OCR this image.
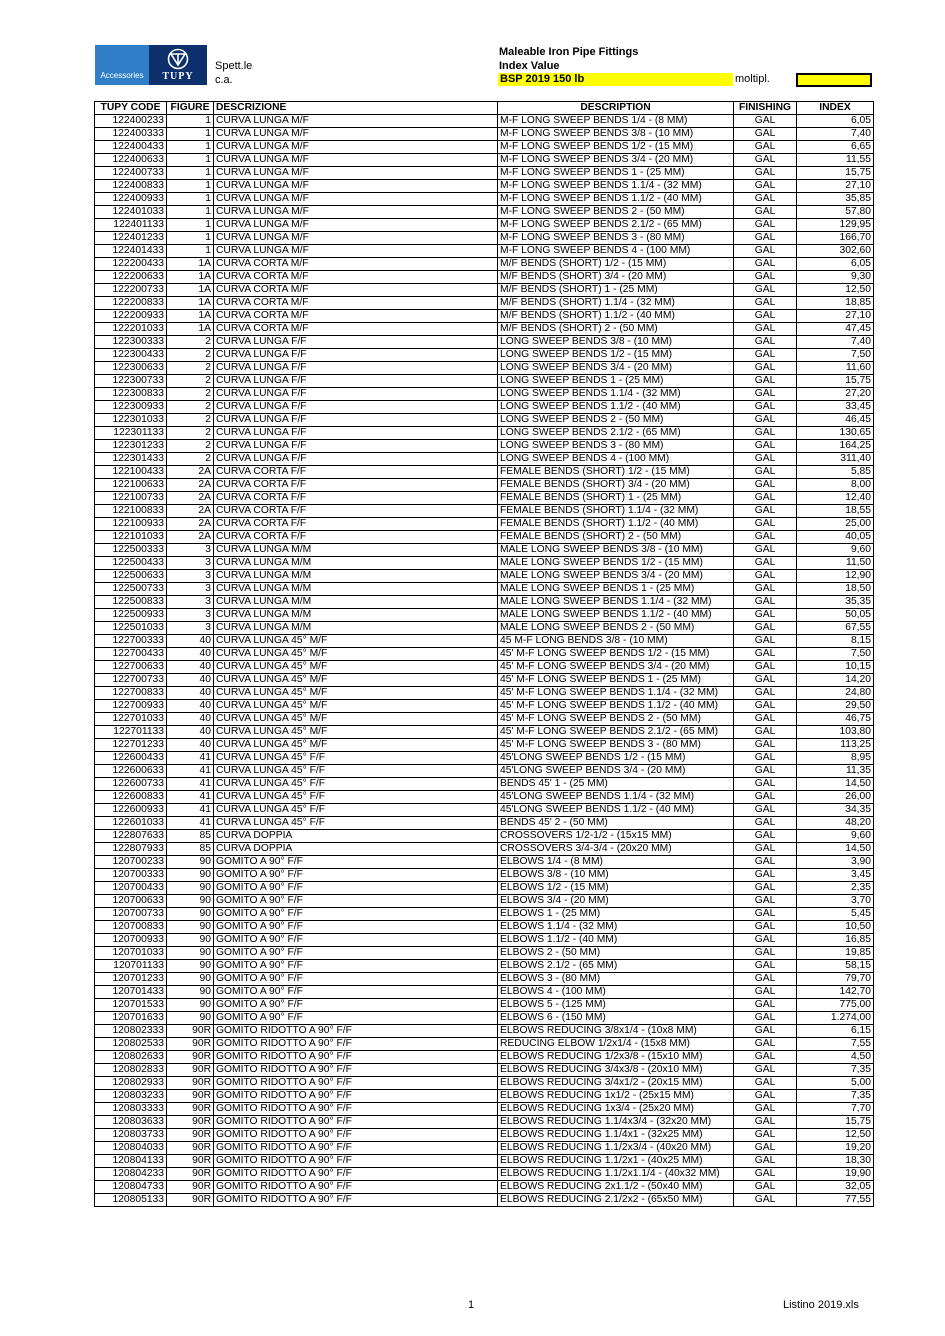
Accessories TUPY
Spett.le
c.a.
Maleable Iron Pipe Fittings
Index Value
BSP 2019 150 lb	moltipl.
TUPY CODE	FIGURE	DESCRIZIONE	DESCRIPTION	FINISHING	INDEX
122400233	1	CURVA LUNGA M/F	M-F LONG SWEEP BENDS 1/4 - (8 MM)	GAL	6,05
122400333	1	CURVA LUNGA M/F	M-F LONG SWEEP BENDS 3/8 - (10 MM)	GAL	7,40
122400433	1	CURVA LUNGA M/F	M-F LONG SWEEP BENDS 1/2 - (15 MM)	GAL	6,65
122400633	1	CURVA LUNGA M/F	M-F LONG SWEEP BENDS 3/4 - (20 MM)	GAL	11,55
122400733	1	CURVA LUNGA M/F	M-F LONG SWEEP BENDS 1 - (25 MM)	GAL	15,75
122400833	1	CURVA LUNGA M/F	M-F LONG SWEEP BENDS 1.1/4 - (32 MM)	GAL	27,10
122400933	1	CURVA LUNGA M/F	M-F LONG SWEEP BENDS 1.1/2 - (40 MM)	GAL	35,85
122401033	1	CURVA LUNGA M/F	M-F LONG SWEEP BENDS 2 - (50 MM)	GAL	57,80
122401133	1	CURVA LUNGA M/F	M-F LONG SWEEP BENDS 2.1/2 - (65 MM)	GAL	129,95
122401233	1	CURVA LUNGA M/F	M-F LONG SWEEP BENDS 3 - (80 MM)	GAL	166,70
122401433	1	CURVA LUNGA M/F	M-F LONG SWEEP BENDS 4 - (100 MM)	GAL	302,60
122200433	1A	CURVA CORTA M/F	M/F BENDS (SHORT) 1/2 - (15 MM)	GAL	6,05
122200633	1A	CURVA CORTA M/F	M/F BENDS (SHORT) 3/4 - (20 MM)	GAL	9,30
122200733	1A	CURVA CORTA M/F	M/F BENDS (SHORT) 1 - (25 MM)	GAL	12,50
122200833	1A	CURVA CORTA M/F	M/F BENDS (SHORT) 1.1/4 - (32 MM)	GAL	18,85
122200933	1A	CURVA CORTA M/F	M/F BENDS (SHORT) 1.1/2 - (40 MM)	GAL	27,10
122201033	1A	CURVA CORTA M/F	M/F BENDS (SHORT) 2 - (50 MM)	GAL	47,45
122300333	2	CURVA LUNGA F/F	LONG SWEEP BENDS 3/8 - (10 MM)	GAL	7,40
122300433	2	CURVA LUNGA F/F	LONG SWEEP BENDS 1/2 - (15 MM)	GAL	7,50
122300633	2	CURVA LUNGA F/F	LONG SWEEP BENDS 3/4 - (20 MM)	GAL	11,60
122300733	2	CURVA LUNGA F/F	LONG SWEEP BENDS 1 - (25 MM)	GAL	15,75
122300833	2	CURVA LUNGA F/F	LONG SWEEP BENDS 1.1/4 - (32 MM)	GAL	27,20
122300933	2	CURVA LUNGA F/F	LONG SWEEP BENDS 1.1/2 - (40 MM)	GAL	33,45
122301033	2	CURVA LUNGA F/F	LONG SWEEP BENDS 2 - (50 MM)	GAL	46,45
122301133	2	CURVA LUNGA F/F	LONG SWEEP BENDS 2.1/2 - (65 MM)	GAL	130,65
122301233	2	CURVA LUNGA F/F	LONG SWEEP BENDS 3 - (80 MM)	GAL	164,25
122301433	2	CURVA LUNGA F/F	LONG SWEEP BENDS 4 - (100 MM)	GAL	311,40
122100433	2A	CURVA CORTA F/F	FEMALE BENDS (SHORT) 1/2 - (15 MM)	GAL	5,85
122100633	2A	CURVA CORTA F/F	FEMALE BENDS (SHORT) 3/4 - (20 MM)	GAL	8,00
122100733	2A	CURVA CORTA F/F	FEMALE BENDS (SHORT) 1 - (25 MM)	GAL	12,40
122100833	2A	CURVA CORTA F/F	FEMALE BENDS (SHORT) 1.1/4 - (32 MM)	GAL	18,55
122100933	2A	CURVA CORTA F/F	FEMALE BENDS (SHORT) 1.1/2 - (40 MM)	GAL	25,00
122101033	2A	CURVA CORTA F/F	FEMALE BENDS (SHORT) 2 - (50 MM)	GAL	40,05
122500333	3	CURVA LUNGA M/M	MALE LONG SWEEP BENDS 3/8 - (10 MM)	GAL	9,60
122500433	3	CURVA LUNGA M/M	MALE LONG SWEEP BENDS 1/2 - (15 MM)	GAL	11,50
122500633	3	CURVA LUNGA M/M	MALE LONG SWEEP BENDS 3/4 - (20 MM)	GAL	12,90
122500733	3	CURVA LUNGA M/M	MALE LONG SWEEP BENDS 1 - (25 MM)	GAL	18,50
122500833	3	CURVA LUNGA M/M	MALE LONG SWEEP BENDS 1.1/4 - (32 MM)	GAL	35,35
122500933	3	CURVA LUNGA M/M	MALE LONG SWEEP BENDS 1.1/2 - (40 MM)	GAL	50,05
122501033	3	CURVA LUNGA M/M	MALE LONG SWEEP BENDS 2 - (50 MM)	GAL	67,55
122700333	40	CURVA LUNGA 45° M/F	45 M-F LONG BENDS 3/8 - (10 MM)	GAL	8,15
122700433	40	CURVA LUNGA 45° M/F	45' M-F LONG SWEEP BENDS 1/2 - (15 MM)	GAL	7,50
122700633	40	CURVA LUNGA 45° M/F	45' M-F LONG SWEEP BENDS 3/4 - (20 MM)	GAL	10,15
122700733	40	CURVA LUNGA 45° M/F	45' M-F LONG SWEEP BENDS 1 - (25 MM)	GAL	14,20
122700833	40	CURVA LUNGA 45° M/F	45' M-F LONG SWEEP BENDS 1.1/4 - (32 MM)	GAL	24,80
122700933	40	CURVA LUNGA 45° M/F	45' M-F LONG SWEEP BENDS 1.1/2 - (40 MM)	GAL	29,50
122701033	40	CURVA LUNGA 45° M/F	45' M-F LONG SWEEP BENDS 2 - (50 MM)	GAL	46,75
122701133	40	CURVA LUNGA 45° M/F	45' M-F LONG SWEEP BENDS 2.1/2 - (65 MM)	GAL	103,80
122701233	40	CURVA LUNGA 45° M/F	45' M-F LONG SWEEP BENDS 3 - (80 MM)	GAL	113,25
122600433	41	CURVA LUNGA 45° F/F	45'LONG SWEEP BENDS 1/2 - (15 MM)	GAL	8,95
122600633	41	CURVA LUNGA 45° F/F	45'LONG SWEEP BENDS 3/4 - (20 MM)	GAL	11,35
122600733	41	CURVA LUNGA 45° F/F	BENDS 45' 1 - (25 MM)	GAL	14,50
122600833	41	CURVA LUNGA 45° F/F	45'LONG SWEEP BENDS 1.1/4 - (32 MM)	GAL	26,00
122600933	41	CURVA LUNGA 45° F/F	45'LONG SWEEP BENDS 1.1/2 - (40 MM)	GAL	34,35
122601033	41	CURVA LUNGA 45° F/F	BENDS 45' 2 - (50 MM)	GAL	48,20
122807633	85	CURVA DOPPIA	CROSSOVERS 1/2-1/2 - (15x15 MM)	GAL	9,60
122807933	85	CURVA DOPPIA	CROSSOVERS 3/4-3/4 - (20x20 MM)	GAL	14,50
120700233	90	GOMITO A 90° F/F	ELBOWS 1/4 - (8 MM)	GAL	3,90
120700333	90	GOMITO A 90° F/F	ELBOWS 3/8 - (10 MM)	GAL	3,45
120700433	90	GOMITO A 90° F/F	ELBOWS 1/2 - (15 MM)	GAL	2,35
120700633	90	GOMITO A 90° F/F	ELBOWS 3/4 - (20 MM)	GAL	3,70
120700733	90	GOMITO A 90° F/F	ELBOWS 1 - (25 MM)	GAL	5,45
120700833	90	GOMITO A 90° F/F	ELBOWS 1.1/4 - (32 MM)	GAL	10,50
120700933	90	GOMITO A 90° F/F	ELBOWS 1.1/2 - (40 MM)	GAL	16,85
120701033	90	GOMITO A 90° F/F	ELBOWS 2 - (50 MM)	GAL	19,85
120701133	90	GOMITO A 90° F/F	ELBOWS 2.1/2 - (65 MM)	GAL	58,15
120701233	90	GOMITO A 90° F/F	ELBOWS 3 - (80 MM)	GAL	79,70
120701433	90	GOMITO A 90° F/F	ELBOWS 4 - (100 MM)	GAL	142,70
120701533	90	GOMITO A 90° F/F	ELBOWS 5 - (125 MM)	GAL	775,00
120701633	90	GOMITO A 90° F/F	ELBOWS 6 - (150 MM)	GAL	1.274,00
120802333	90R	GOMITO RIDOTTO A 90° F/F	ELBOWS REDUCING 3/8x1/4 - (10x8 MM)	GAL	6,15
120802533	90R	GOMITO RIDOTTO A 90° F/F	REDUCING ELBOW 1/2x1/4 - (15x8 MM)	GAL	7,55
120802633	90R	GOMITO RIDOTTO A 90° F/F	ELBOWS REDUCING 1/2x3/8 - (15x10 MM)	GAL	4,50
120802833	90R	GOMITO RIDOTTO A 90° F/F	ELBOWS REDUCING 3/4x3/8 - (20x10 MM)	GAL	7,35
120802933	90R	GOMITO RIDOTTO A 90° F/F	ELBOWS REDUCING 3/4x1/2 - (20x15 MM)	GAL	5,00
120803233	90R	GOMITO RIDOTTO A 90° F/F	ELBOWS REDUCING 1x1/2 - (25x15 MM)	GAL	7,35
120803333	90R	GOMITO RIDOTTO A 90° F/F	ELBOWS REDUCING 1x3/4 - (25x20 MM)	GAL	7,70
120803633	90R	GOMITO RIDOTTO A 90° F/F	ELBOWS REDUCING 1.1/4x3/4 - (32x20 MM)	GAL	15,75
120803733	90R	GOMITO RIDOTTO A 90° F/F	ELBOWS REDUCING 1.1/4x1 - (32x25 MM)	GAL	12,50
120804033	90R	GOMITO RIDOTTO A 90° F/F	ELBOWS REDUCING 1.1/2x3/4 - (40x20 MM)	GAL	19,20
120804133	90R	GOMITO RIDOTTO A 90° F/F	ELBOWS REDUCING 1.1/2x1 - (40x25 MM)	GAL	18,30
120804233	90R	GOMITO RIDOTTO A 90° F/F	ELBOWS REDUCING 1.1/2x1.1/4 - (40x32 MM)	GAL	19,90
120804733	90R	GOMITO RIDOTTO A 90° F/F	ELBOWS REDUCING 2x1.1/2 - (50x40 MM)	GAL	32,05
120805133	90R	GOMITO RIDOTTO A 90° F/F	ELBOWS REDUCING 2.1/2x2 - (65x50 MM)	GAL	77,55
1	Listino 2019.xls
